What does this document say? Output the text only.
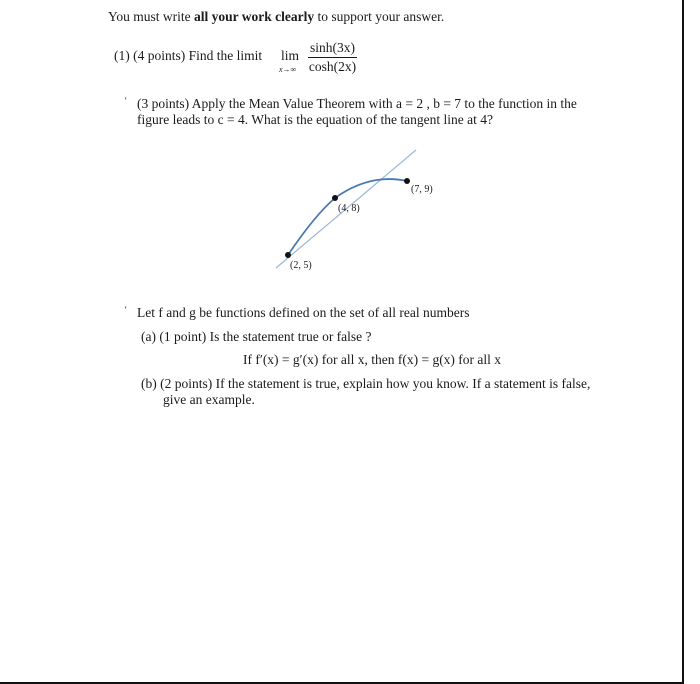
You must write all your work clearly to support your answer.
(1) (4 points) Find the limit lim
$x\to\infty \frac{\sinh(3x)}{\cosh(2x)}$
‘ (3 points) Apply the Mean Value Theorem with a = 2 , b = 7 to the function in the
figure leads to c = 4. What is the equation of the tangent line at 4?
(2, 5)
(4, 8)
(7, 9)
‘ Let f and g be functions defined on the set of all real numbers
(a) (1 point) Is the statement true or false ?
If f′(x) = g′(x) for all x, then f(x) = g(x) for all x
(b) (2 points) If the statement is true, explain how you know. If a statement is false,
give an example.
